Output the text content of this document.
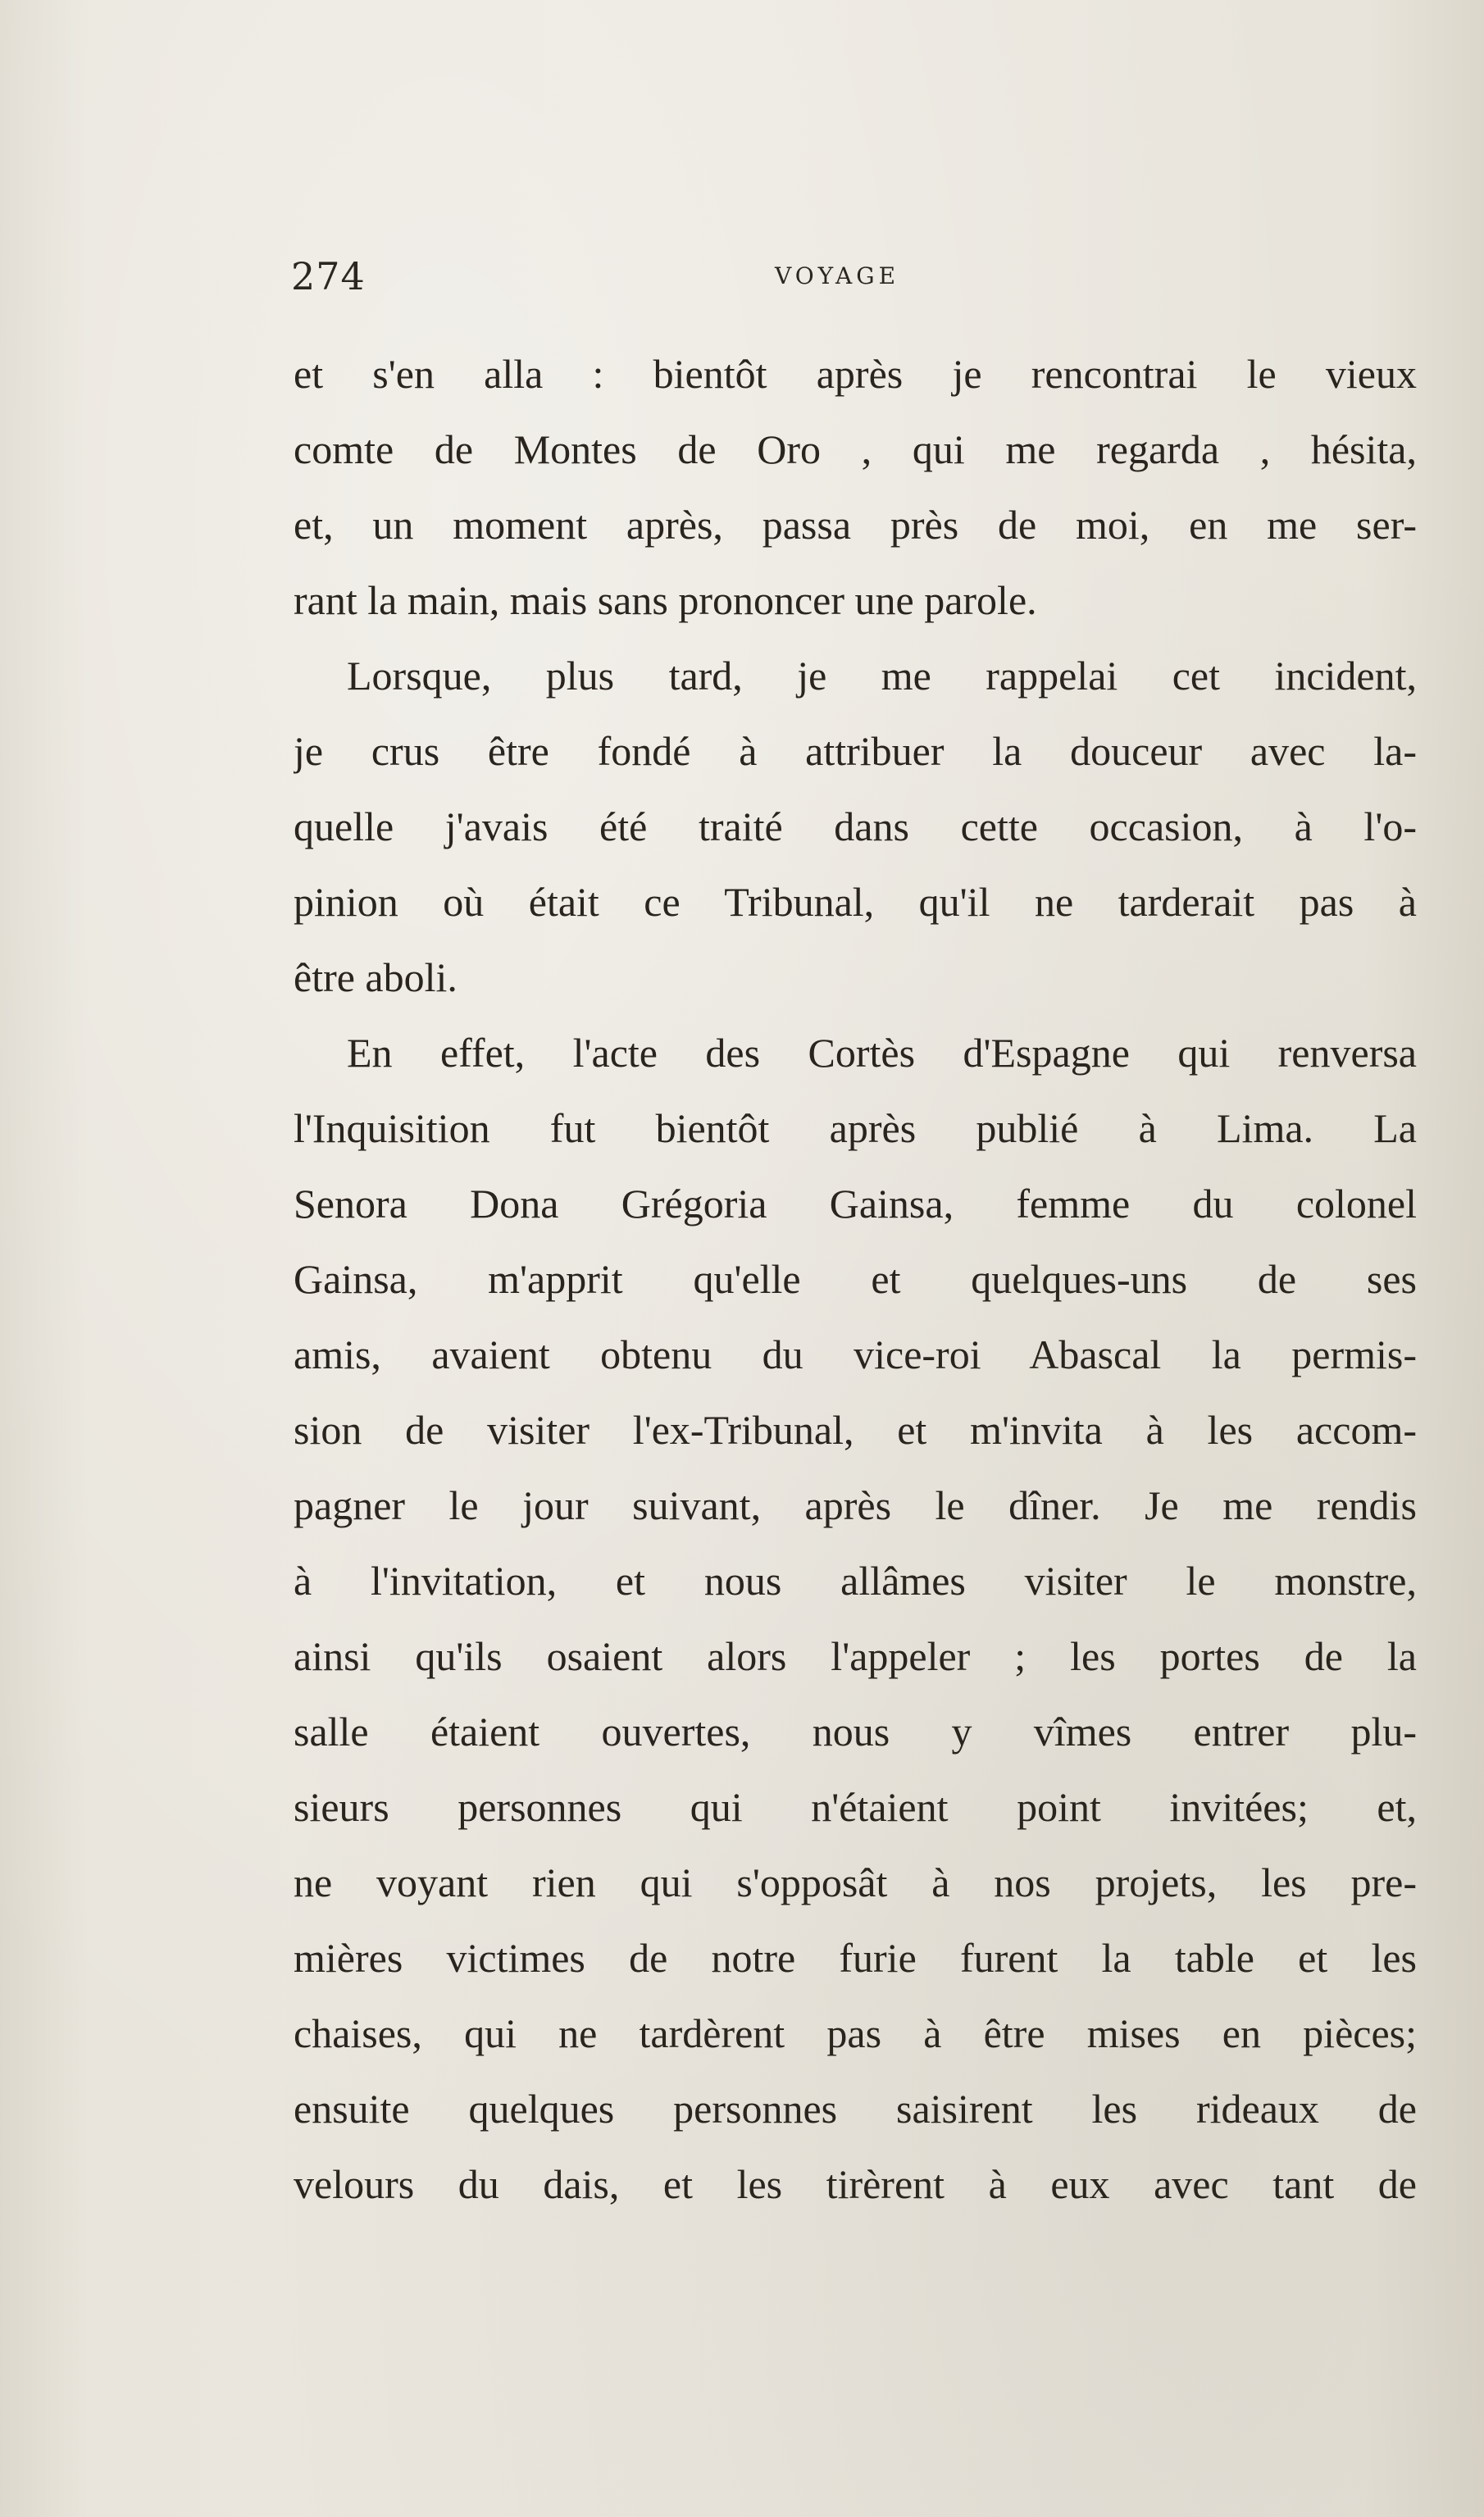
274	VOYAGE
et s'en alla : bientôt après je rencontrai le vieux
comte de Montes de Oro , qui me regarda , hésita,
et, un moment après, passa près de moi, en me ser-
rant la main, mais sans prononcer une parole.
Lorsque, plus tard, je me rappelai cet incident,
je crus être fondé à attribuer la douceur avec la-
quelle j'avais été traité dans cette occasion, à l'o-
pinion où était ce Tribunal, qu'il ne tarderait pas à
être aboli.
En effet, l'acte des Cortès d'Espagne qui renversa
l'Inquisition fut bientôt après publié à Lima. La
Senora Dona Grégoria Gainsa, femme du colonel
Gainsa, m'apprit qu'elle et quelques-uns de ses
amis, avaient obtenu du vice-roi Abascal la permis-
sion de visiter l'ex-Tribunal, et m'invita à les accom-
pagner le jour suivant, après le dîner. Je me rendis
à l'invitation, et nous allâmes visiter le monstre,
ainsi qu'ils osaient alors l'appeler ; les portes de la
salle étaient ouvertes, nous y vîmes entrer plu-
sieurs personnes qui n'étaient point invitées; et,
ne voyant rien qui s'opposât à nos projets, les pre-
mières victimes de notre furie furent la table et les
chaises, qui ne tardèrent pas à être mises en pièces;
ensuite quelques personnes saisirent les rideaux de
velours du dais, et les tirèrent à eux avec tant de
